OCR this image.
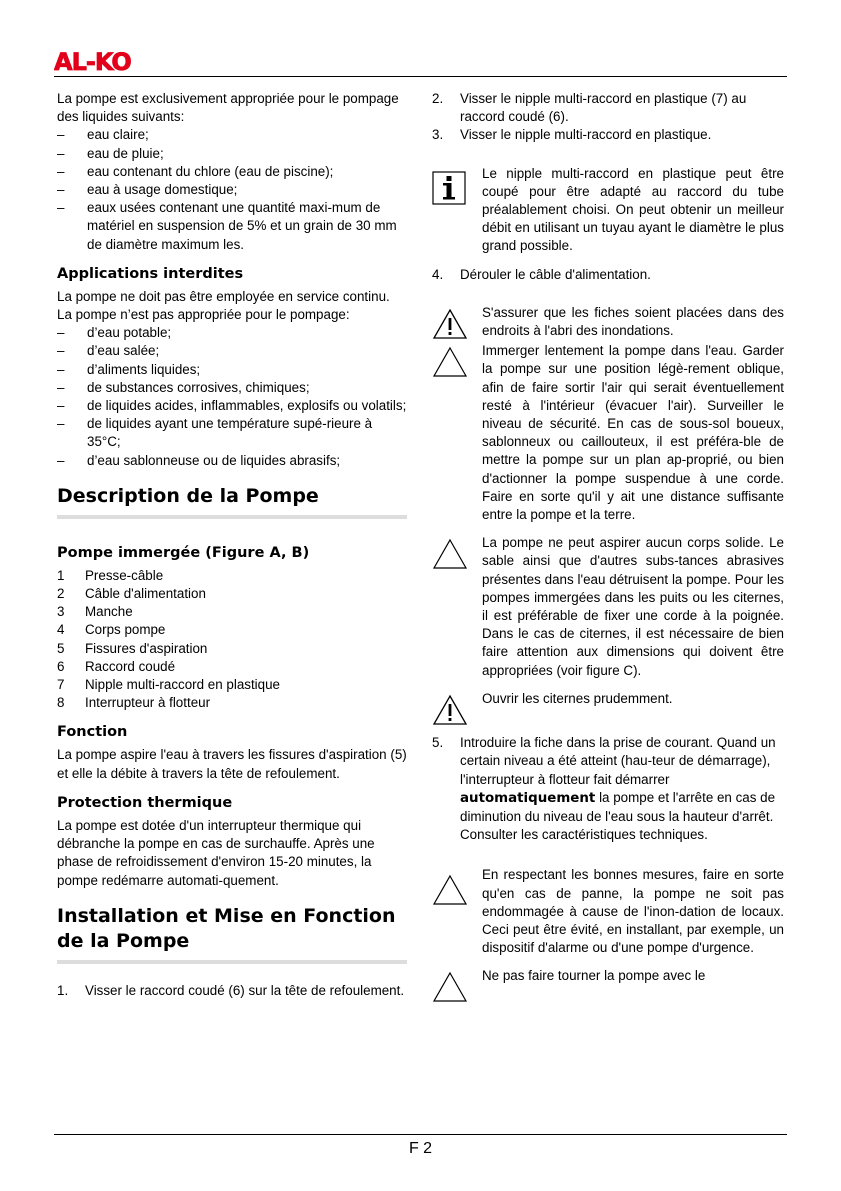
AL-KO

La pompe est exclusivement appropriée pour le pompage des liquides suivants:

– eau claire;

– eau de pluie;

– eau contenant du chlore (eau de piscine);

– eau à usage domestique;

– eaux usées contenant une quantité maxi-mum de matériel en suspension de 5% et un grain de 30 mm de diamètre maximum les.

Applications interdites

La pompe ne doit pas être employée en service continu. La pompe n’est pas appropriée pour le pompage:

– d’eau potable;

– d’eau salée;

– d’aliments liquides;

– de substances corrosives, chimiques;

– de liquides acides, inflammables, explosifs ou volatils;

– de liquides ayant une température supé-rieure à 35°C;

– d’eau sablonneuse ou de liquides abrasifs;

Description de la Pompe
Pompe immergée (Figure A, B)

1 Presse-câble

2 Câble d'alimentation

3 Manche

4 Corps pompe

5 Fissures d'aspiration

6 Raccord coudé

7 Nipple multi-raccord en plastique

8 Interrupteur à flotteur

Fonction

La pompe aspire l'eau à travers les fissures d'aspiration (5) et elle la débite à travers la tête de refoulement.

Protection thermique

La pompe est dotée d'un interrupteur thermique qui débranche la pompe en cas de surchauffe. Après une phase de refroidissement d'environ 15-20 minutes, la pompe redémarre automati-quement.

Installation et Mise en Fonction de la Pompe

1. Visser le raccord coudé (6) sur la tête de refoulement.

2. Visser le nipple multi-raccord en plastique (7) au raccord coudé (6).

3. Visser le nipple multi-raccord en plastique.

Le nipple multi-raccord en plastique peut être coupé pour être adapté au raccord du tube préalablement choisi. On peut obtenir un meilleur débit en utilisant un tuyau ayant le diamètre le plus grand possible.

4. Dérouler le câble d'alimentation.

S'assurer que les fiches soient placées dans des endroits à l'abri des inondations.
Immerger lentement la pompe dans l'eau. Garder la pompe sur une position légè-rement oblique, afin de faire sortir l'air qui serait éventuellement resté à l'intérieur (évacuer l'air). Surveiller le niveau de sécurité. En cas de sous-sol boueux, sablonneux ou caillouteux, il est préféra-ble de mettre la pompe sur un plan ap-proprié, ou bien d'actionner la pompe suspendue à une corde. Faire en sorte qu'il y ait une distance suffisante entre la pompe et la terre.
La pompe ne peut aspirer aucun corps solide. Le sable ainsi que d'autres subs-tances abrasives présentes dans l'eau détruisent la pompe. Pour les pompes immergées dans les puits ou les citernes, il est préférable de fixer une corde à la poignée. Dans le cas de citernes, il est nécessaire de bien faire attention aux dimensions qui doivent être appropriées (voir figure C).
Ouvrir les citernes prudemment.

5. Introduire la fiche dans la prise de courant. Quand un certain niveau a été atteint (hau-teur de démarrage), l'interrupteur à flotteur fait démarrer automatiquement la pompe et l'arrête en cas de diminution du niveau de l'eau sous la hauteur d'arrêt. Consulter les caractéristiques techniques.

En respectant les bonnes mesures, faire en sorte qu'en cas de panne, la pompe ne soit pas endommagée à cause de l'inon-dation de locaux. Ceci peut être évité, en installant, par exemple, un dispositif d'alarme ou d'une pompe d'urgence.
Ne pas faire tourner la pompe avec le
F 2
